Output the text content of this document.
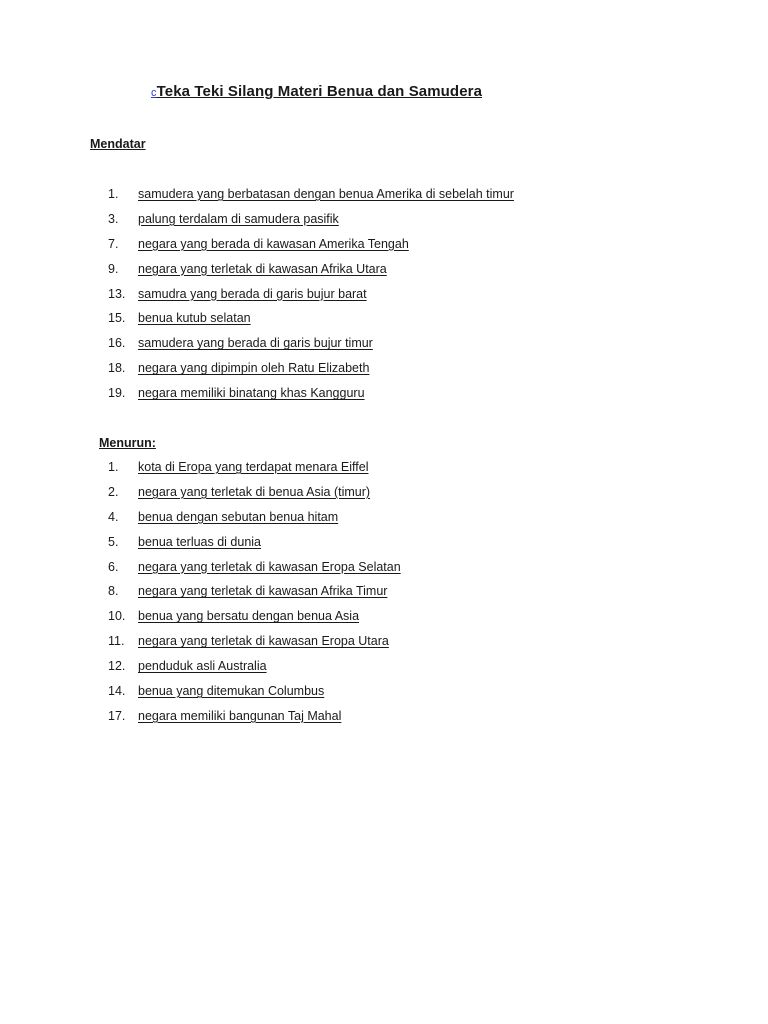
cTeka Teki Silang Materi Benua dan Samudera
Mendatar
1. samudera yang berbatasan dengan benua Amerika di sebelah timur
3. palung terdalam di samudera pasifik
7. negara yang berada di kawasan Amerika Tengah
9. negara yang terletak di kawasan Afrika Utara
13. samudra yang berada di garis bujur barat
15. benua kutub selatan
16. samudera yang berada di garis bujur timur
18. negara yang dipimpin oleh Ratu Elizabeth
19. negara memiliki binatang khas Kangguru
Menurun:
1. kota di Eropa yang terdapat menara Eiffel
2. negara yang terletak di benua Asia (timur)
4. benua dengan sebutan benua hitam
5. benua terluas di dunia
6. negara yang terletak di kawasan Eropa Selatan
8. negara yang terletak di kawasan Afrika Timur
10. benua yang bersatu dengan benua Asia
11. negara yang terletak di kawasan Eropa Utara
12. penduduk asli Australia
14. benua yang ditemukan Columbus
17. negara memiliki bangunan Taj Mahal
